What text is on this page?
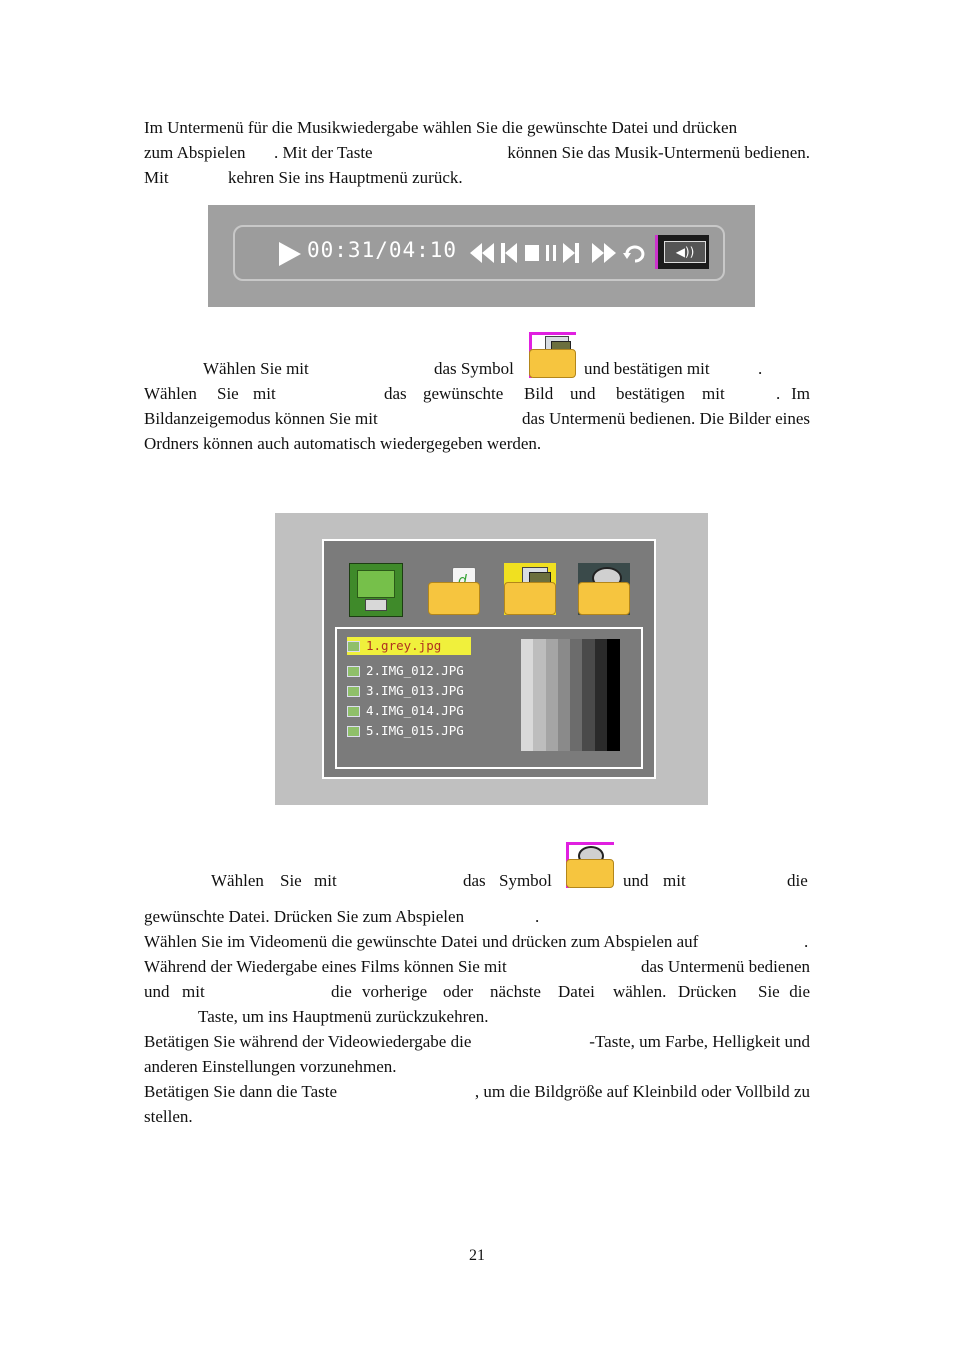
Im Untermenü für die Musikwiedergabe wählen Sie die gewünschte Datei und drücken
zum Abspielen . Mit der Taste	können Sie das Musik-Untermenü bedienen.
Mit	kehren Sie ins Hauptmenü zurück.
00:31/04:10	◀))
Wählen Sie mit	das Symbol	und bestätigen mit	.
Wählen Sie mit	das gewünschte Bild und bestätigen mit	. Im
Bildanzeigemodus können Sie mit	das Untermenü bedienen. Die Bilder eines
Ordners können auch automatisch wiedergegeben werden.
1.grey.jpg
2.IMG_012.JPG
3.IMG_013.JPG
4.IMG_014.JPG
5.IMG_015.JPG
Wählen Sie mit	das Symbol	und mit	die
gewünschte Datei. Drücken Sie zum Abspielen	.
Wählen Sie im Videomenü die gewünschte Datei und drücken zum Abspielen auf	.
Während der Wiedergabe eines Films können Sie mit	das Untermenü bedienen
und mit	die vorherige oder nächste Datei wählen. Drücken Sie die
Taste, um ins Hauptmenü zurückzukehren.
Betätigen Sie während der Videowiedergabe die	-Taste, um Farbe, Helligkeit und
anderen Einstellungen vorzunehmen.
Betätigen Sie dann die Taste	, um die Bildgröße auf Kleinbild oder Vollbild zu
stellen.
21
